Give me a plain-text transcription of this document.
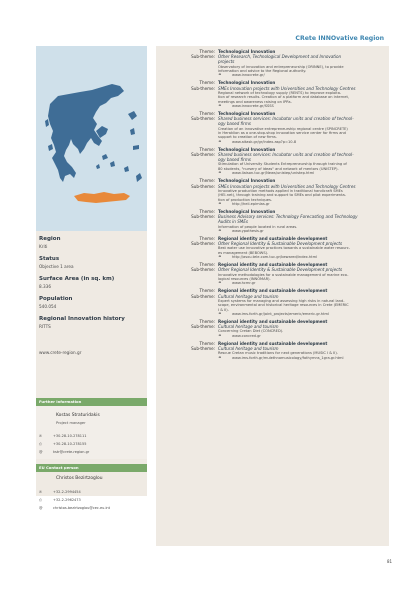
CRete INNOvative Region
Region
Kriti
Status
Objective 1 area
Surface Area (in sq. km)
8.336
Population
540.054
Regional Innovation history
RITTS
www.crete-region.gr
Further information
Kostas Straturidakis
Project manager
✆	+30-28-10-278111
⎙	+30-28-10-278155
@	kstr@crete-region.gr
EU Contact person
Christos Bezirtzoglou
✆	+32-2-2994454
⎙	+32-2-2962473
@	christos.bezirtzoglou@cec.eu.int
Theme: Technological Innovation
Sub-theme: Other Research, Technological Development and Innovation
projects
Observatory of innovation and entrepreneurship (ORINNE), to provide
information and advice to the Regional authority.
⚭	www.innocrete.gr/
Theme: Technological Innovation
Sub-theme: SMEs Innovation projects with Universities and Technology Centres
Regional network of technology supply (RENTS) to improve exploita-
tion of research results. Creation of a platform and database on internet,
meetings and awareness raising on IPRs.
⚭	www.innocrete.gr/SSSS
Theme: Technological Innovation
Sub-theme: Shared business services: Incubator units and creation of technol-
ogy based firms
Creation of an innovative entrepreneurship regional centre (SPINCRETE)
in Heraklion as a one-stop-shop innovation service center for firms and
support to creation of new firms.
⚭	www.aitask.gr/gr/index.asp?p=10-8
Theme: Technological Innovation
Sub-theme: Shared business services: Incubator units and creation of technol-
ogy based firms
Stimulation of University Students Entrepreneurship through training of
80 students, "nursery of ideas" and network of mentors (UNISTEP).
⚭	www.liaison.tuc.gr/News/unistep/unistep.html
Theme: Technological Innovation
Sub-theme: SMEs Innovation projects with Universities and Technology Centres
Innovative production methods applied in traditional handicraft SMEs
(HEI-net), through training and support to SMEs and pilot experimenta-
tion of production techniques.
⚭	http://heii.epimlas.gr
Theme: Technological Innovation
Sub-theme: Business Advisory services: Technology Forecasting and Technology
Audits in SMEs
Information of people located in rural areas.
⚭	www.ypothesis.gr
Theme: Regional identity and sustainable development
Sub-theme: Other Regional Identity & Sustainable Development projects
Best water use innovative practices towards a sustainable water resourc-
es management (BEBOWS).
⚭	http://asxu.tele.com.tuc.gr/bewared/index.html
Theme: Regional identity and sustainable development
Sub-theme: Other Regional Identity & Sustainable Development projects
Innovative methodologies for a sustainable management of marine eco-
logical resources (INNOMAR).
⚭	www.hcmr.gr
Theme: Regional identity and sustainable development
Sub-theme: Cultural heritage and tourism
Expert systems for managing and assessing high risks in natural land-
scape, environmental and historical heritage resources in Crete (EMERIC
I & II).
⚭	www.ims.forth.gr/joint_projects/emeric/emeric.gr.html
Theme: Regional identity and sustainable development
Sub-theme: Cultural heritage and tourism
Concerning Cretan Diet (CONCRED).
⚭	www.concred.gr
Theme: Regional identity and sustainable development
Sub-theme: Cultural heritage and tourism
Rescue Cretan music traditions for next generations (MUSIC I & II).
⚭	www.ims.forth.gr/mulethnomusicology/fothymns_1gra.gr.html
81
